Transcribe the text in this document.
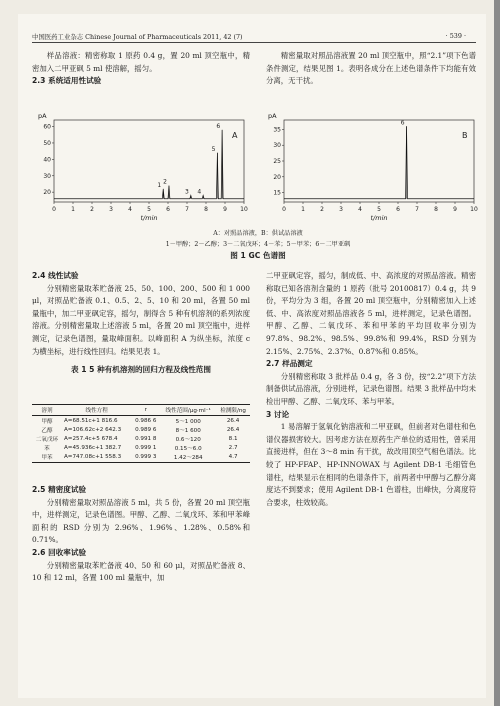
中国医药工业杂志 Chinese Journal of Pharmaceuticals 2011, 42 (7)	· 539 ·

样品溶液：精密称取 1 原药 0.4 g，置 20 ml 顶空瓶中，精密加入二甲亚砜 5 ml 使溶解，摇匀。

2.3 系统适用性试验

精密量取对照品溶液置 20 ml 顶空瓶中，照“2.1”项下色谱条件测定，结果见图 1。表明各成分在上述色谱条件下均能有效分离，无干扰。

0	1	2	3	4	5	6	7	8	9 10
20
30
40
50
60
pA
t/min
A
1 2
3 4
5
6
0	1	2	3	4	5	6	7	8	9 10
15
20
25
30
35
pA
t/min
B
6
A：对照品溶液，B：供试品溶液
1－甲醇；2－乙醇；3－二氧戊环；4－苯；5－甲苯；6－二甲亚砜
图 1 GC 色谱图

2.4 线性试验

分别精密量取苯贮备液 25、50、100、200、500 和 1 000 μl，对照品贮备液 0.1、0.5、2、5、10 和 20 ml，各置 50 ml 量瓶中，加二甲亚砜定容，摇匀，制得含 5 种有机溶剂的系列浓度溶液。分别精密量取上述溶液 5 ml，各置 20 ml 顶空瓶中，进样测定，记录色谱图，量取峰面积。以峰面积 A 为纵坐标，浓度 c 为横坐标，进行线性回归。结果见表 1。

表 1 5 种有机溶剂的回归方程及线性范围

溶剂	线性方程	r	线性范围/μg·ml⁻¹	检测限/ng
甲醇	A=68.51c+1 816.6	0.986 6	5～1 000	26.4
乙醇	A=106.62c+2 642.3	0.989 6	8～1 600	26.4
二氧戊环	A=257.4c+5 678.4	0.991 8	0.6～120	8.1
苯	A=45.936c+1 382.7	0.999 1	0.15～6.0	2.7
甲苯	A=747.08c+1 558.3	0.999 3	1.42～284	4.7

2.5 精密度试验

分别精密量取对照品溶液 5 ml，共 5 份，各置 20 ml 顶空瓶中，进样测定，记录色谱图。甲醇、乙醇、二氧戊环、苯和甲苯峰面积的 RSD 分别为 2.96%、1.96%、1.28%、0.58%和 0.71%。

2.6 回收率试验

分别精密量取苯贮备液 40、50 和 60 μl，对照品贮备液 8、10 和 12 ml，各置 100 ml 量瓶中，加

二甲亚砜定容，摇匀，制成低、中、高浓度的对照品溶液。精密称取已知各溶剂含量的 1 原药（批号 20100817）0.4 g，共 9 份，平均分为 3 组，各置 20 ml 顶空瓶中，分别精密加入上述低、中、高浓度对照品溶液各 5 ml，进样测定，记录色谱图。甲醇、乙醇、二氧戊环、苯和甲苯的平均回收率分别为 97.8%、98.2%、98.5%、99.8%和 99.4%，RSD 分别为 2.15%、2.75%、2.37%、0.87%和 0.85%。

2.7 样品测定

分别精密称取 3 批样品 0.4 g，各 3 份，按“2.2”项下方法制备供试品溶液，分别进样，记录色谱图。结果 3 批样品中均未检出甲醇、乙醇、二氧戊环、苯与甲苯。

3 讨论

1 易溶解于氢氧化钠溶液和二甲亚砜，但前者对色谱柱和色谱仪器损害较大。因考虑方法在原药生产单位的适用性，曾采用直接进样，但在 3～8 min 有干扰，故改用顶空气相色谱法。比较了 HP-FFAP、HP-INNOWAX 与 Agilent DB-1 毛细管色谱柱，结果显示在相同的色谱条件下，前两者中甲醇与乙醇分离度达不到要求；使用 Agilent DB-1 色谱柱，出峰快，分离度符合要求，柱效较高。
